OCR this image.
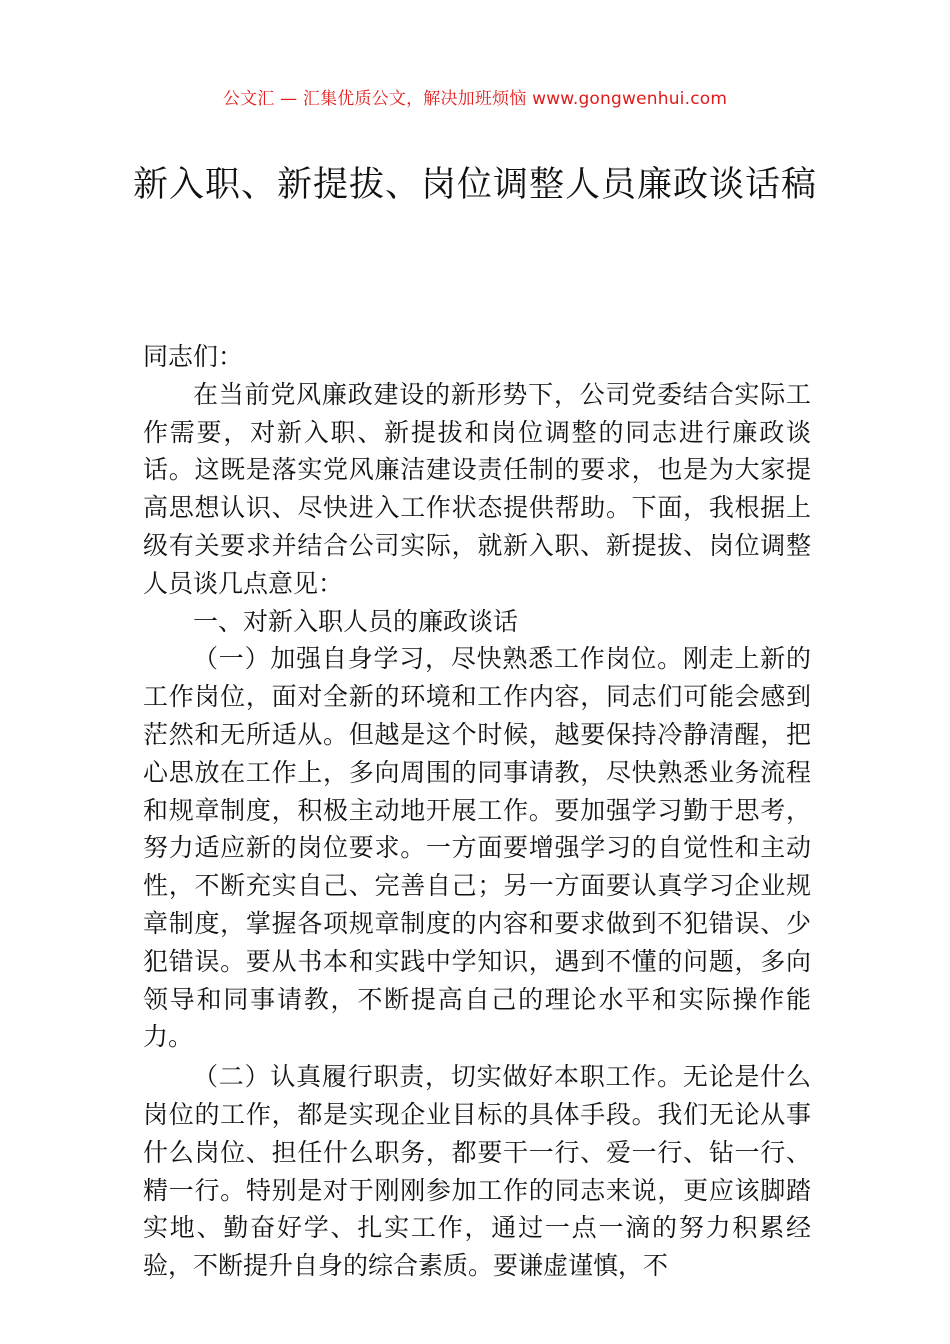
公文汇 — 汇集优质公文，解决加班烦恼 www.gongwenhui.com
新入职、新提拔、岗位调整人员廉政谈话稿

同志们：

在当前党风廉政建设的新形势下，公司党委结合实际工作需要，对新入职、新提拔和岗位调整的同志进行廉政谈话。这既是落实党风廉洁建设责任制的要求，也是为大家提高思想认识、尽快进入工作状态提供帮助。下面，我根据上级有关要求并结合公司实际，就新入职、新提拔、岗位调整人员谈几点意见：

一、对新入职人员的廉政谈话

（一）加强自身学习，尽快熟悉工作岗位。刚走上新的工作岗位，面对全新的环境和工作内容，同志们可能会感到茫然和无所适从。但越是这个时候，越要保持冷静清醒，把心思放在工作上，多向周围的同事请教，尽快熟悉业务流程和规章制度，积极主动地开展工作。要加强学习勤于思考，努力适应新的岗位要求。一方面要增强学习的自觉性和主动性，不断充实自己、完善自己；另一方面要认真学习企业规章制度，掌握各项规章制度的内容和要求做到不犯错误、少犯错误。要从书本和实践中学知识，遇到不懂的问题，多向领导和同事请教，不断提高自己的理论水平和实际操作能力。

（二）认真履行职责，切实做好本职工作。无论是什么岗位的工作，都是实现企业目标的具体手段。我们无论从事什么岗位、担任什么职务，都要干一行、爱一行、钻一行、精一行。特别是对于刚刚参加工作的同志来说，更应该脚踏实地、勤奋好学、扎实工作，通过一点一滴的努力积累经验，不断提升自身的综合素质。要谦虚谨慎，不
